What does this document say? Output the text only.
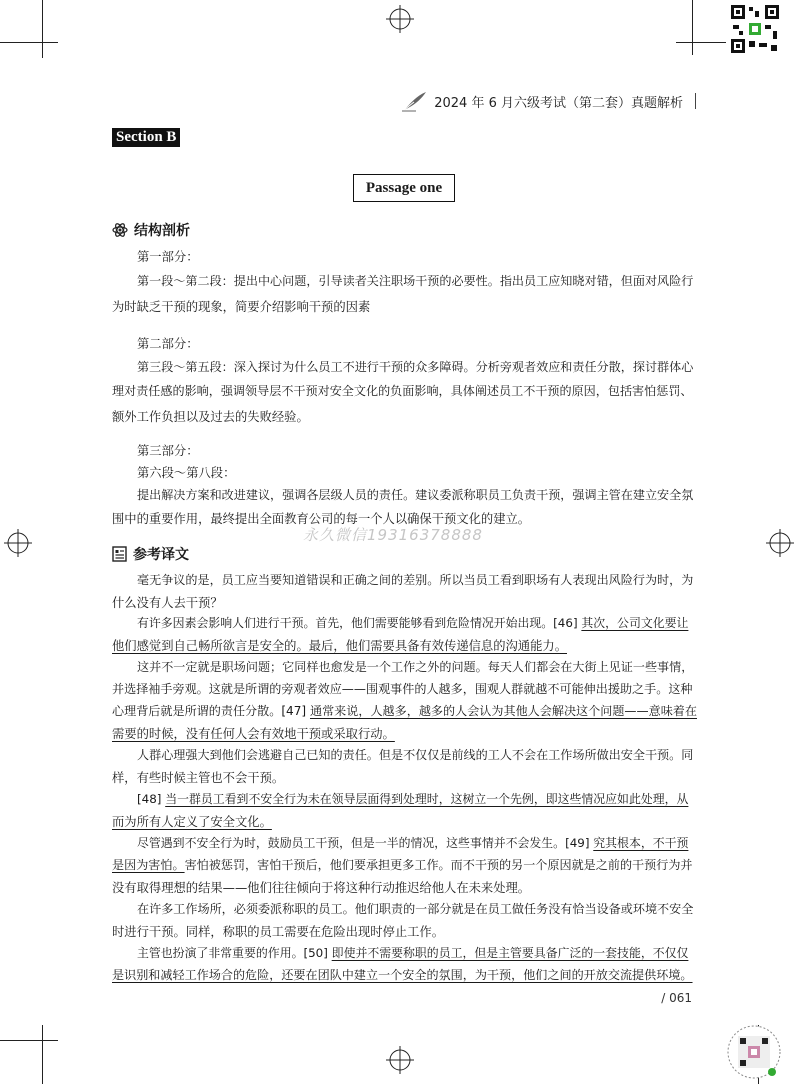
2024 年 6 月六级考试（第二套）真题解析
Section B
Passage one
结构剖析
第一部分：
第一段～第二段：提出中心问题，引导读者关注职场干预的必要性。指出员工应知晓对错，但面对风险行
为时缺乏干预的现象，简要介绍影响干预的因素
第二部分：
第三段～第五段：深入探讨为什么员工不进行干预的众多障碍。分析旁观者效应和责任分散，探讨群体心
理对责任感的影响，强调领导层不干预对安全文化的负面影响，具体阐述员工不干预的原因，包括害怕惩罚、
额外工作负担以及过去的失败经验。
第三部分：
第六段～第八段：
提出解决方案和改进建议，强调各层级人员的责任。建议委派称职员工负责干预，强调主管在建立安全氛
围中的重要作用，最终提出全面教育公司的每一个人以确保干预文化的建立。
永久微信19316378888
参考译文
毫无争议的是，员工应当要知道错误和正确之间的差别。所以当员工看到职场有人表现出风险行为时，为
什么没有人去干预？
有许多因素会影响人们进行干预。首先，他们需要能够看到危险情况开始出现。[46] 其次，公司文化要让
他们感觉到自己畅所欲言是安全的。最后，他们需要具备有效传递信息的沟通能力。
这并不一定就是职场问题；它同样也愈发是一个工作之外的问题。每天人们都会在大街上见证一些事情，
并选择袖手旁观。这就是所谓的旁观者效应——围观事件的人越多，围观人群就越不可能伸出援助之手。这种
心理背后就是所谓的责任分散。[47] 通常来说，人越多，越多的人会认为其他人会解决这个问题——意味着在
需要的时候，没有任何人会有效地干预或采取行动。
人群心理强大到他们会逃避自己已知的责任。但是不仅仅是前线的工人不会在工作场所做出安全干预。同
样，有些时候主管也不会干预。
[48] 当一群员工看到不安全行为未在领导层面得到处理时，这树立一个先例，即这些情况应如此处理，从
而为所有人定义了安全文化。
尽管遇到不安全行为时，鼓励员工干预，但是一半的情况，这些事情并不会发生。[49] 究其根本，不干预
是因为害怕。害怕被惩罚，害怕干预后，他们要承担更多工作。而不干预的另一个原因就是之前的干预行为并
没有取得理想的结果——他们往往倾向于将这种行动推迟给他人在未来处理。
在许多工作场所，必须委派称职的员工。他们职责的一部分就是在员工做任务没有恰当设备或环境不安全
时进行干预。同样，称职的员工需要在危险出现时停止工作。
主管也扮演了非常重要的作用。[50] 即使并不需要称职的员工，但是主管要具备广泛的一套技能，不仅仅
是识别和减轻工作场合的危险，还要在团队中建立一个安全的氛围，为干预，他们之间的开放交流提供环境。
/ 061
